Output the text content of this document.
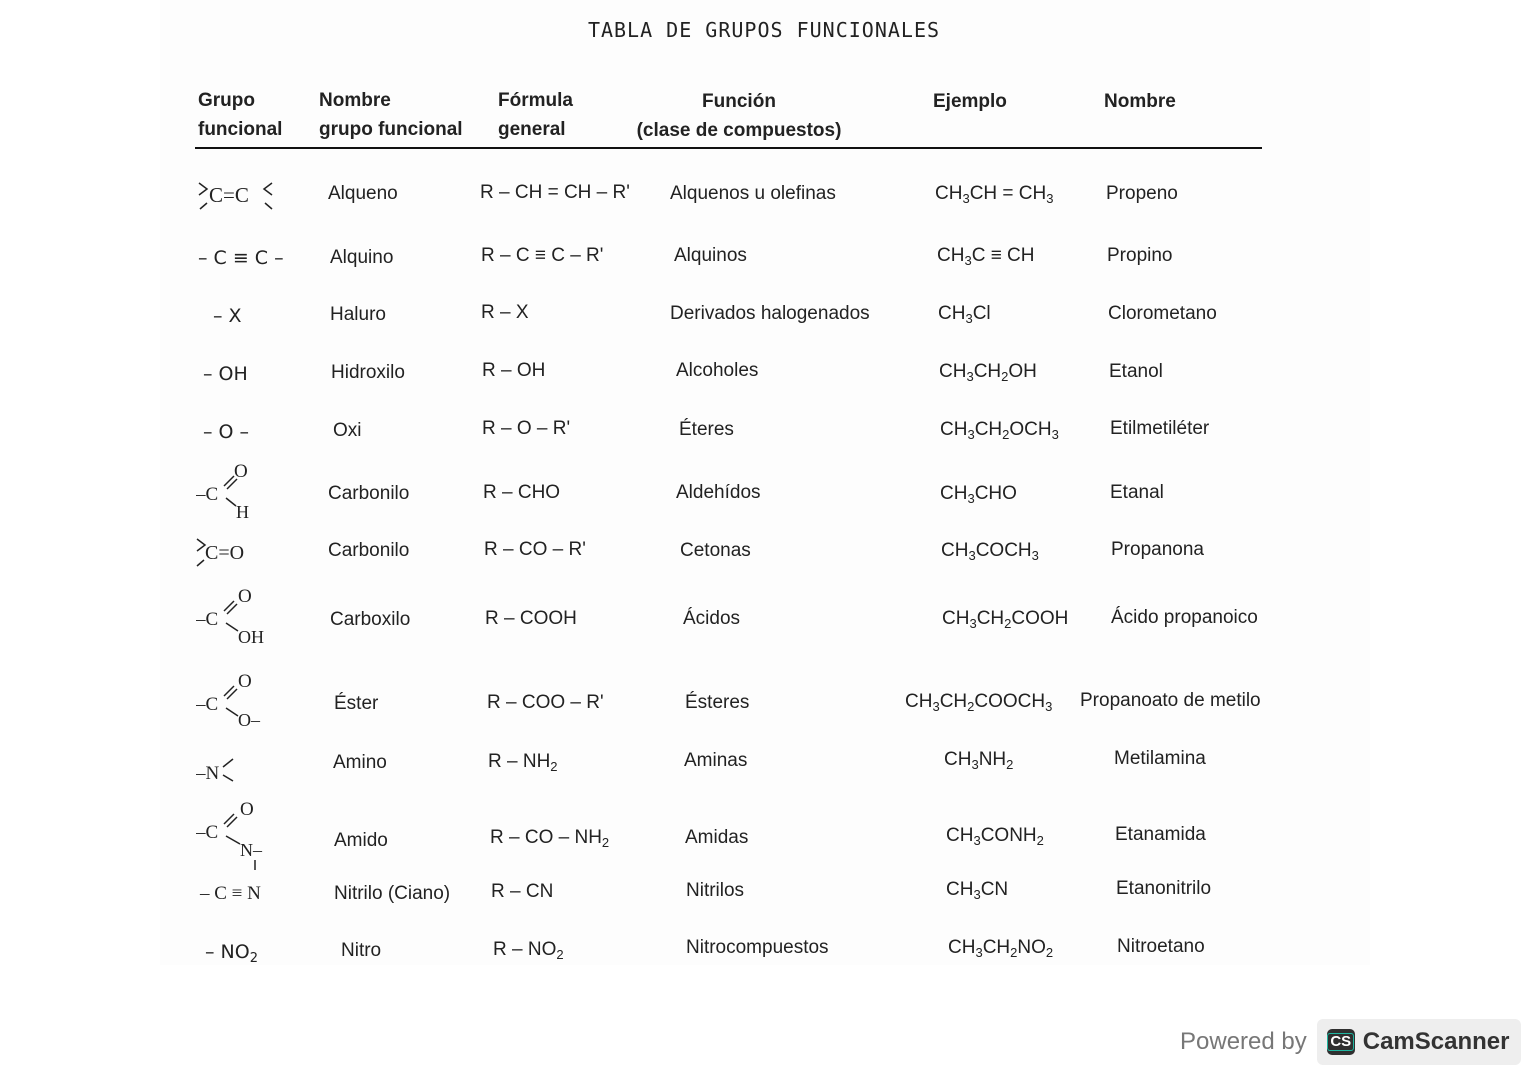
TABLA DE GRUPOS FUNCIONALES
Grupo
funcional
Nombre
grupo funcional
Fórmula
general
Función
(clase de compuestos)
Ejemplo	Nombre
C=C
– C ≡ C –
– X
– OH
– O –
O
–C
H
C=O
O
–C
OH
O
–C
O–
–N
O
–C
N–
– C ≡ N
– $NO_2$
Alqueno
Alquino
Haluro
Hidroxilo
Oxi
Carbonilo
Carbonilo
Carboxilo
Éster
Amino
Amido
Nitrilo (Ciano)
Nitro
R – CH = CH – R'
R – C ≡ C – R'
R – X
R – OH
R – O – R'
R – CHO
R – CO – R'
R – COOH
R – COO – R'
R – $NH_2$
R – CO – $NH_2$
R – CN
R – $NO_2$
Alquenos u olefinas
Alquinos
Derivados halogenados
Alcoholes
Éteres
Aldehídos
Cetonas
Ácidos
Ésteres
Aminas
Amidas
Nitrilos
Nitrocompuestos
$CH_3CH = CH_3$
$CH_3C$ ≡ CH
$CH_3Cl$
$CH_3CH_2OH$
$CH_3CH_2OCH_3$
$CH_3CHO$
$CH_3COCH_3$
$CH_3CH_2COOH$
$CH_3CH_2COOCH_3$
$CH_3NH_2$
$CH_3CONH_2$
$CH_3CN$
$CH_3CH_2NO_2$
Propeno
Propino
Clorometano
Etanol
Etilmetiléter
Etanal
Propanona
Ácido propanoico
Propanoato de metilo
Metilamina
Etanamida
Etanonitrilo
Nitroetano
Powered by CS CamScanner
